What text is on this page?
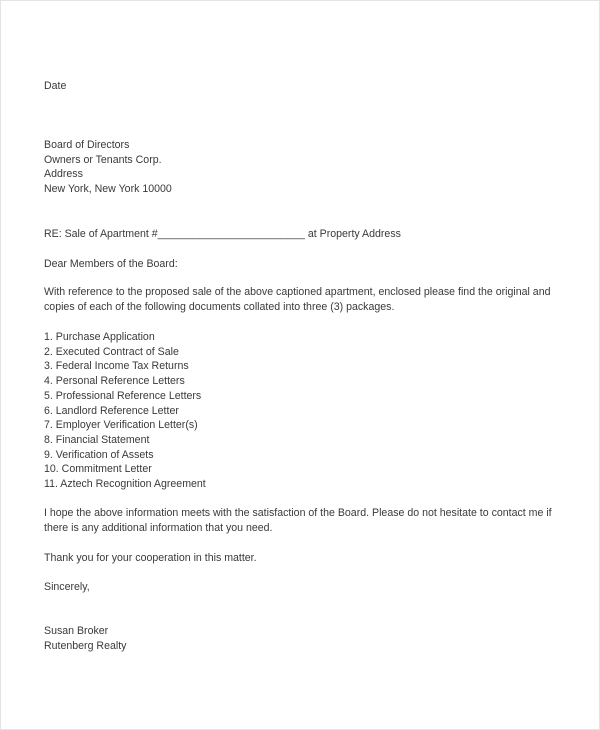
Date

Board of Directors
Owners or Tenants Corp.
Address
New York, New York 10000

RE: Sale of Apartment #_________________________ at Property Address

Dear Members of the Board:

With reference to the proposed sale of the above captioned apartment, enclosed please find the original and
copies of each of the following documents collated into three (3) packages.

1. Purchase Application
2. Executed Contract of Sale
3. Federal Income Tax Returns
4. Personal Reference Letters
5. Professional Reference Letters
6. Landlord Reference Letter
7. Employer Verification Letter(s)
8. Financial Statement
9. Verification of Assets
10. Commitment Letter
11. Aztech Recognition Agreement

I hope the above information meets with the satisfaction of the Board. Please do not hesitate to contact me if
there is any additional information that you need.

Thank you for your cooperation in this matter.

Sincerely,

Susan Broker
Rutenberg Realty
